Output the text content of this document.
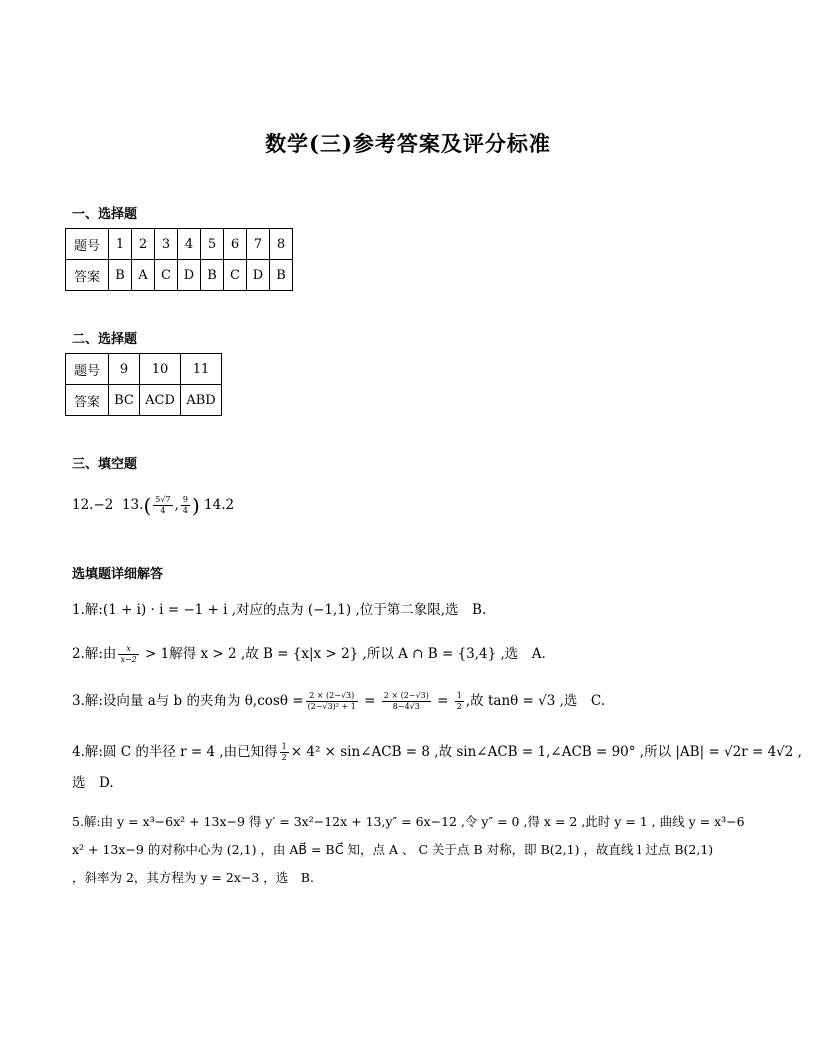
数学(三)参考答案及评分标准
一、选择题
题号	1	2	3	4	5	6	7	8
答案	B	A	C	D	B	C	D	B
二、选择题
题号	9	10	11
答案	BC	ACD	ABD
三、填空题
12.−2 $13.( \frac{5√7}{4}$ , $\frac{9}{4}$ ) 14.2
选填题详细解答
1.解:(1 + i) · i = −1 + i ,对应的点为 (−1,1) ,位于第二象限,选　B.
2.解:由 $\frac{x}{x-2} > 1$解得 x > 2 ,故 B = {x|x > 2} ,所以 A ∩ B = {3,4} ,选　A.
3.解:设向量 a与 b 的夹角为 $\theta,\cos\theta = \frac{2 \times (2-√3)}{\text{(2−√3)² + 1}} = \frac{2 \times (2-√3)}{8-4√3} = \frac{1}{2}$ ,故 tanθ = √3 ,选　C.
4.解:圆 C 的半径 r = 4 ,由已知得 $\frac{1}{2} \times 4^2$ × sin∠ACB = 8 ,故 sin∠ACB = 1,∠ACB = 90° ,所以 |AB| = √2r = 4√2 ,
选　D.
5.解:由 y = x³−6x² + 13x−9 得 y′ = 3x²−12x + 13,y″ = 6x−12 ,令 y″ = 0 ,得 x = 2 ,此时 y = 1 , 曲线 y = x³−6
x² + 13x−9 的对称中心为 (2,1) ，由 AB⃗ = BC⃗ 知，点 A 、 C 关于点 B 对称，即 B(2,1) ，故直线 l 过点 B(2,1)
，斜率为 2，其方程为 y = 2x−3 ，选　B.
